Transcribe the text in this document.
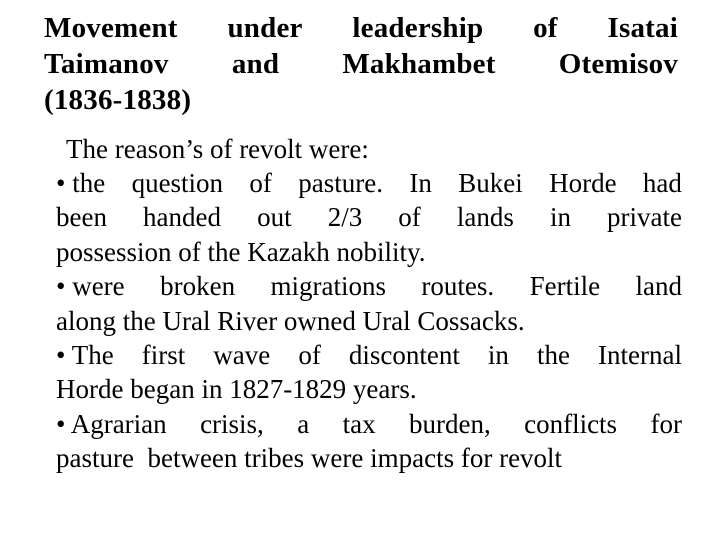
Movement under leadership of Isatai
Taimanov and Makhambet Otemisov
(1836-1838)
The reason’s of revolt were:
• the question of pasture. In Bukei Horde had
been handed out 2/3 of lands in private
possession of the Kazakh nobility.
• were broken migrations routes. Fertile land
along the Ural River owned Ural Cossacks.
• The first wave of discontent in the Internal
Horde began in 1827-1829 years.
• Agrarian crisis, a tax burden, conflicts for
pasture  between tribes were impacts for revolt
